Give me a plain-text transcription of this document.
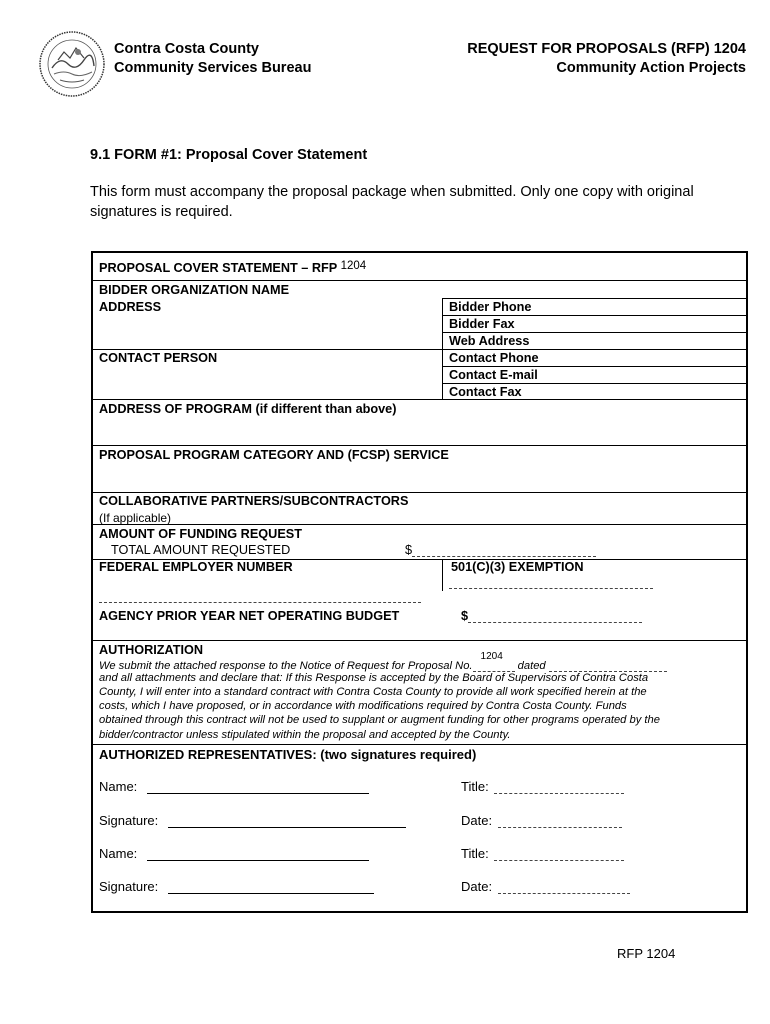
Contra Costa County
Community Services Bureau
REQUEST FOR PROPOSALS (RFP) 1204
Community Action Projects
9.1 FORM #1: Proposal Cover Statement
This form must accompany the proposal package when submitted. Only one copy with original signatures is required.
PROPOSAL COVER STATEMENT – RFP 1204
BIDDER ORGANIZATION NAME
ADDRESS	Bidder Phone
Bidder Fax
Web Address
CONTACT PERSON	Contact Phone
Contact E-mail
Contact Fax
ADDRESS OF PROGRAM (if different than above)
PROPOSAL PROGRAM CATEGORY AND (FCSP) SERVICE
COLLABORATIVE PARTNERS/SUBCONTRACTORS
(If applicable)
AMOUNT OF FUNDING REQUEST
TOTAL AMOUNT REQUESTED	$
FEDERAL EMPLOYER NUMBER	501(C)(3) EXEMPTION
AGENCY PRIOR YEAR NET OPERATING BUDGET	$
AUTHORIZATION
We submit the attached response to the Notice of Request for Proposal No.
1204
dated
and all attachments and declare that: If this Response is accepted by the Board of Supervisors of Contra Costa
County, I will enter into a standard contract with Contra Costa County to provide all work specified herein at the
costs, which I have proposed, or in accordance with modifications required by Contra Costa County. Funds
obtained through this contract will not be used to supplant or augment funding for other programs operated by the
bidder/contractor unless stipulated within the proposal and accepted by the County.
AUTHORIZED REPRESENTATIVES: (two signatures required)
Name:	Title:
Signature:	Date:
Name:	Title:
Signature:	Date:
RFP 1204
